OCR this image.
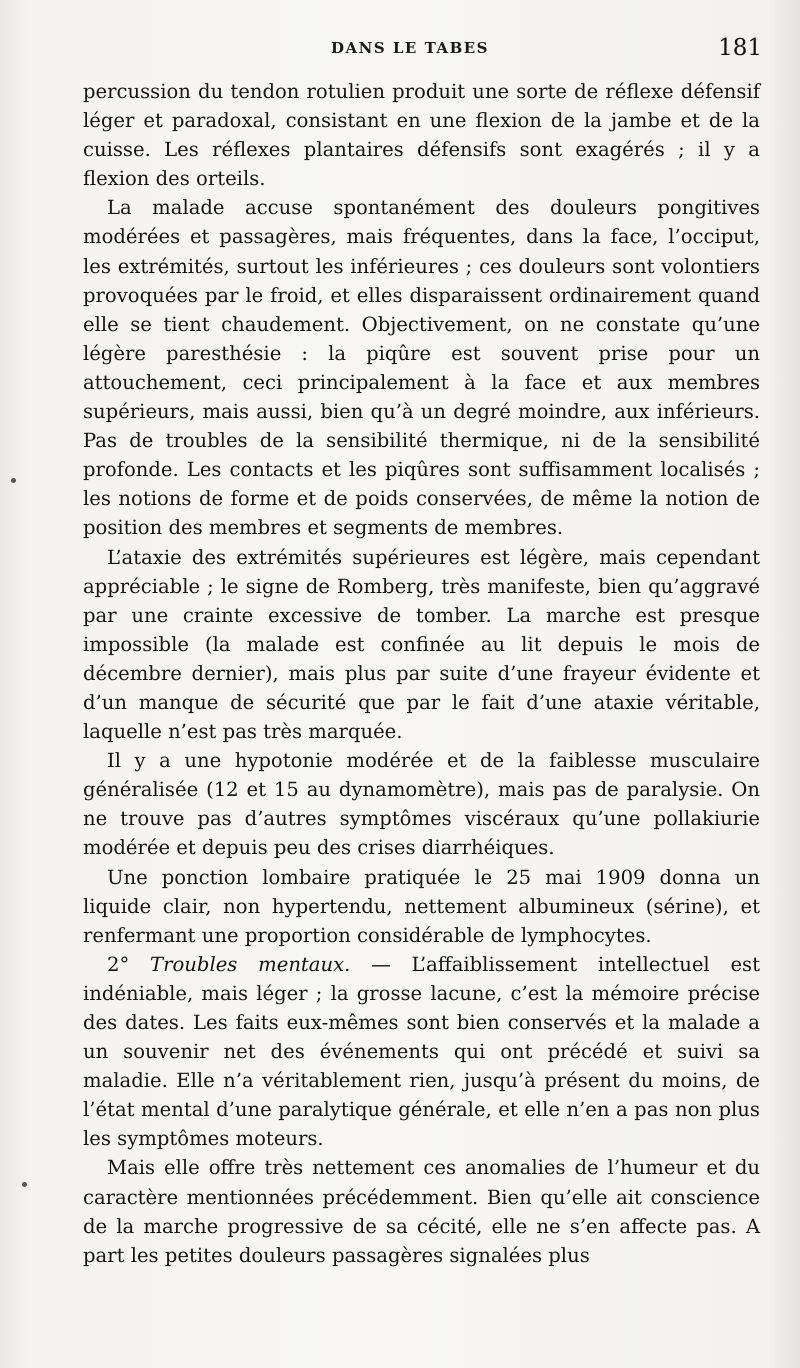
DANS LE TABES	181

percussion du tendon rotulien produit une sorte de réflexe défensif léger et paradoxal, consistant en une flexion de la jambe et de la cuisse. Les réflexes plantaires défensifs sont exagérés ; il y a flexion des orteils.

La malade accuse spontanément des douleurs pongitives modérées et passagères, mais fréquentes, dans la face, l’occiput, les extrémités, surtout les inférieures ; ces douleurs sont volontiers provoquées par le froid, et elles disparaissent ordinairement quand elle se tient chaudement. Objectivement, on ne constate qu’une légère paresthésie : la piqûre est souvent prise pour un attouchement, ceci principalement à la face et aux membres supérieurs, mais aussi, bien qu’à un degré moindre, aux inférieurs. Pas de troubles de la sensibilité thermique, ni de la sensibilité profonde. Les contacts et les piqûres sont suffisamment localisés ; les notions de forme et de poids conservées, de même la notion de position des membres et segments de membres.

L’ataxie des extrémités supérieures est légère, mais cependant appréciable ; le signe de Romberg, très manifeste, bien qu’aggravé par une crainte excessive de tomber. La marche est presque impossible (la malade est confinée au lit depuis le mois de décembre dernier), mais plus par suite d’une frayeur évidente et d’un manque de sécurité que par le fait d’une ataxie véritable, laquelle n’est pas très marquée.

Il y a une hypotonie modérée et de la faiblesse musculaire généralisée (12 et 15 au dynamomètre), mais pas de paralysie. On ne trouve pas d’autres symptômes viscéraux qu’une pollakiurie modérée et depuis peu des crises diarrhéiques.

Une ponction lombaire pratiquée le 25 mai 1909 donna un liquide clair, non hypertendu, nettement albumineux (sérine), et renfermant une proportion considérable de lymphocytes.

2° Troubles mentaux. — L’affaiblissement intellectuel est indéniable, mais léger ; la grosse lacune, c’est la mémoire précise des dates. Les faits eux-mêmes sont bien conservés et la malade a un souvenir net des événements qui ont précédé et suivi sa maladie. Elle n’a véritablement rien, jusqu’à présent du moins, de l’état mental d’une paralytique générale, et elle n’en a pas non plus les symptômes moteurs.

Mais elle offre très nettement ces anomalies de l’humeur et du caractère mentionnées précédemment. Bien qu’elle ait conscience de la marche progressive de sa cécité, elle ne s’en affecte pas. A part les petites douleurs passagères signalées plus
